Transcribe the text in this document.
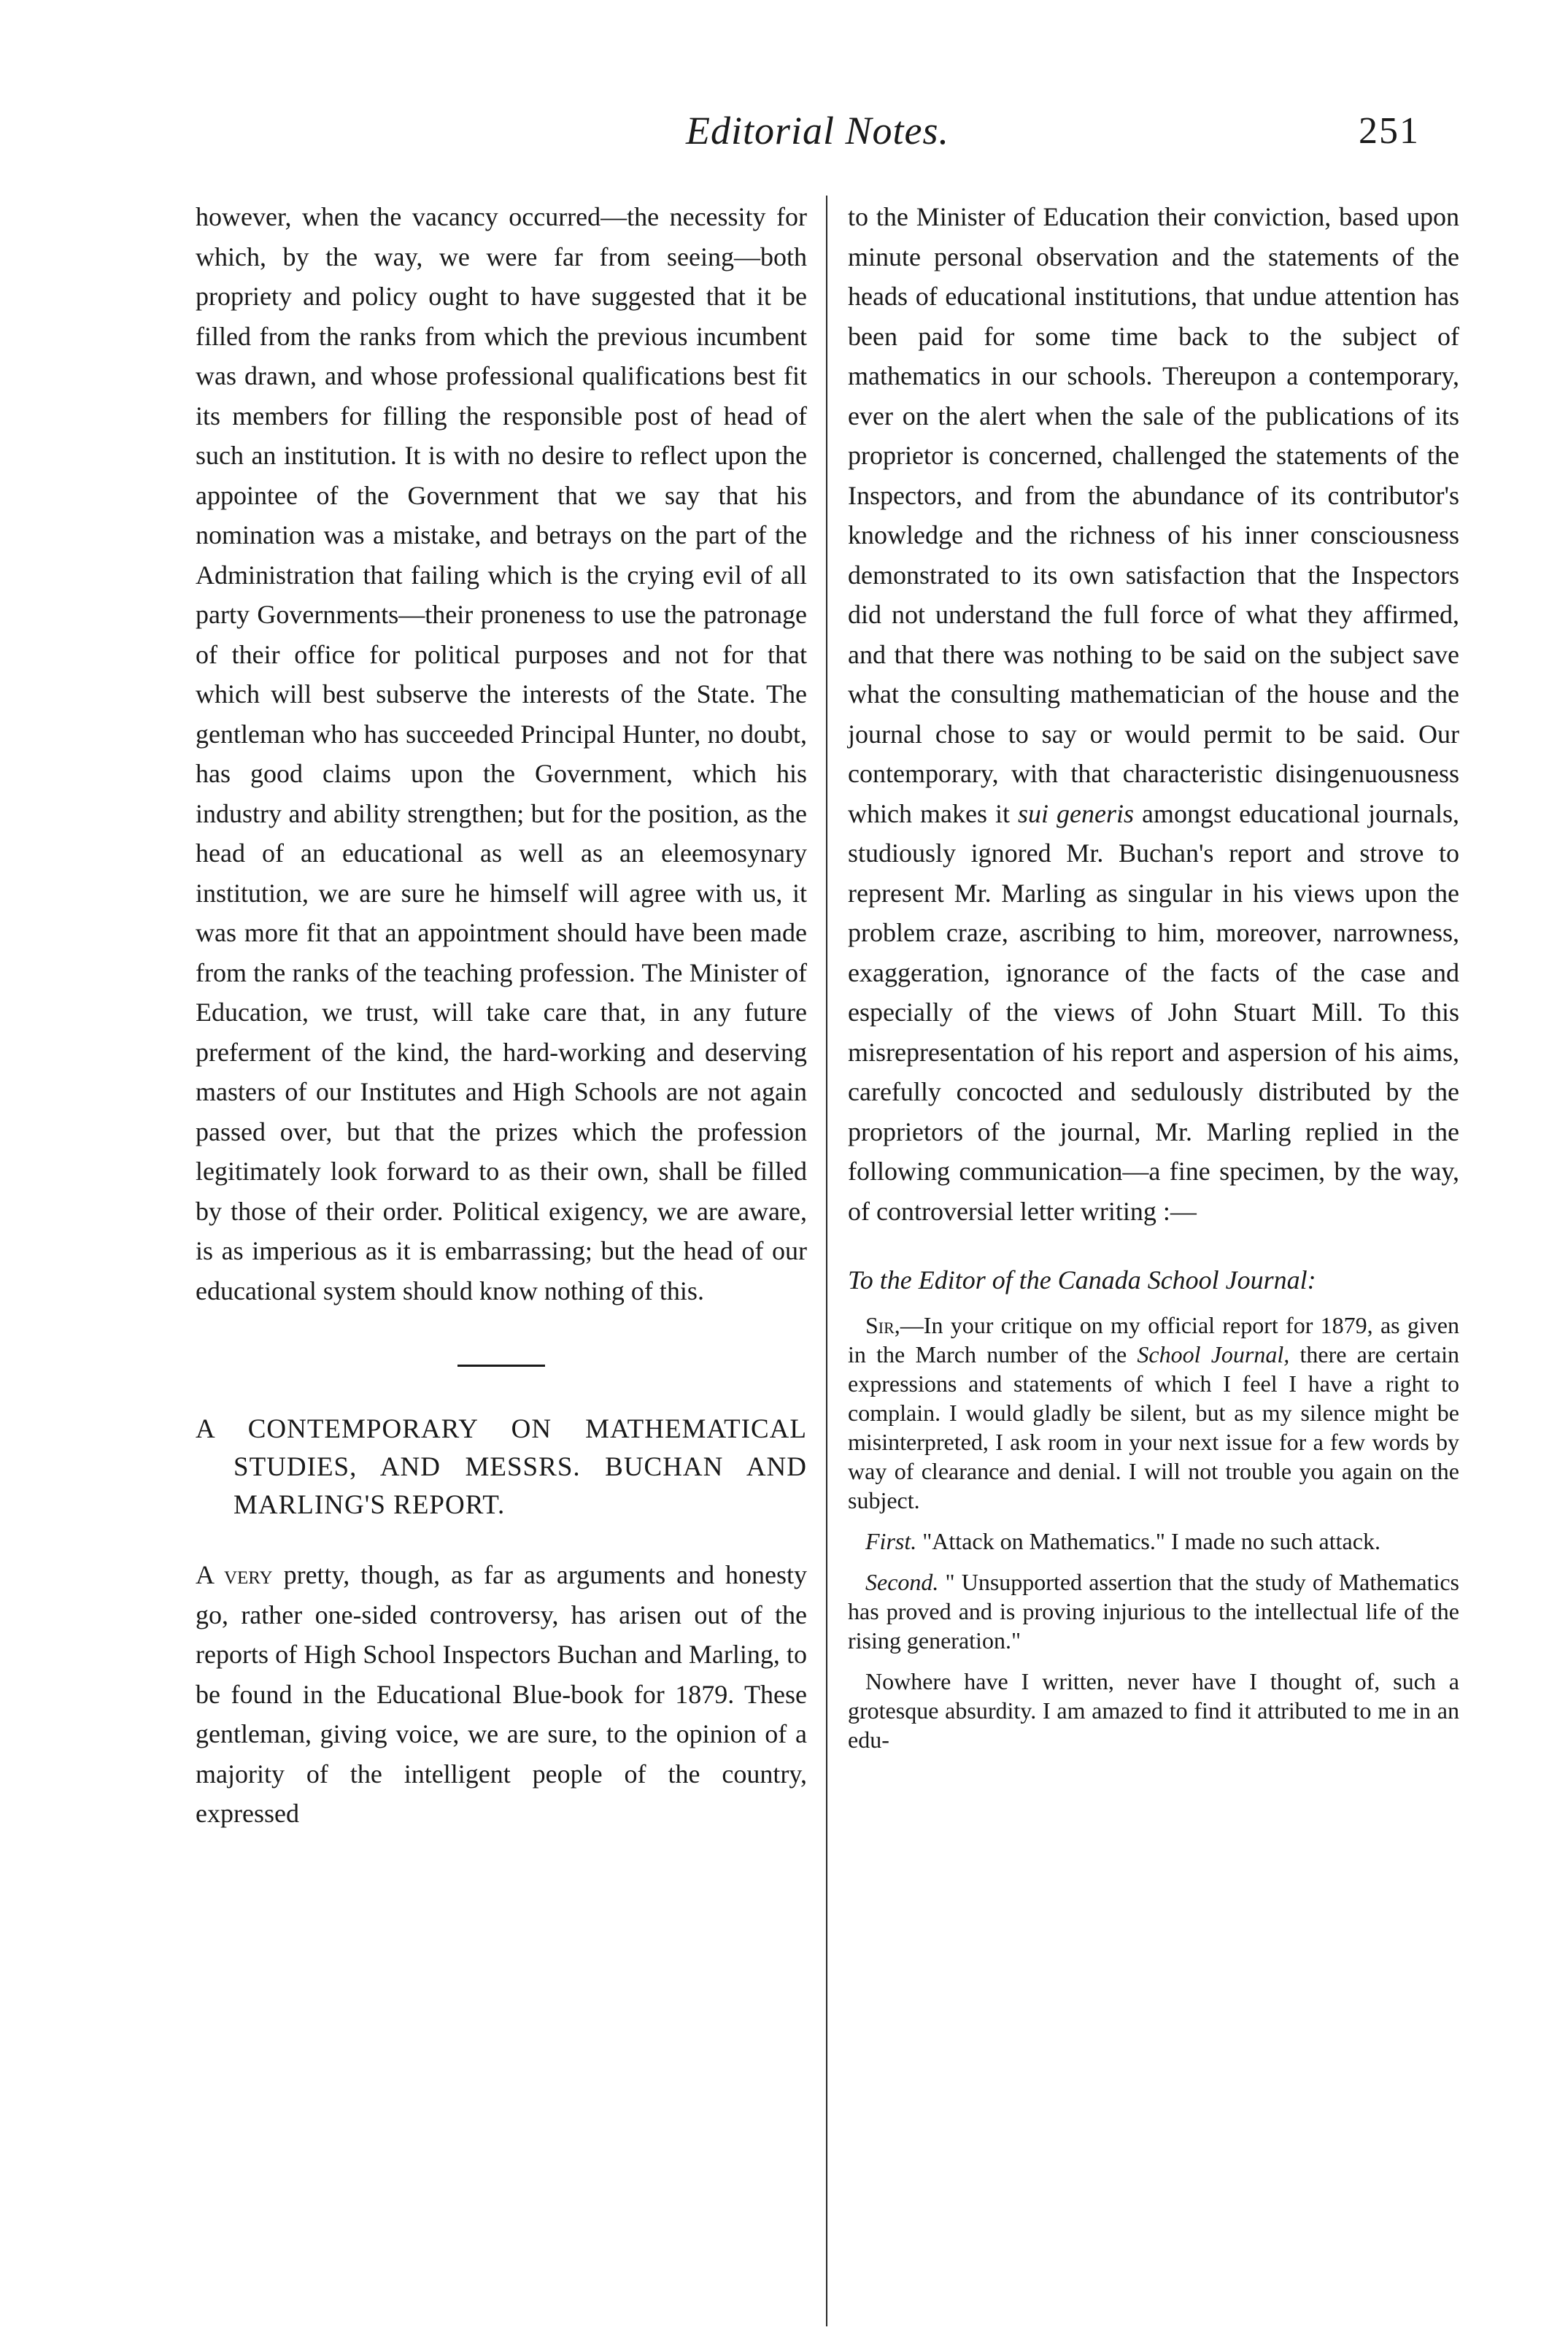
Editorial Notes.	251

however, when the vacancy occurred—the necessity for which, by the way, we were far from seeing—both propriety and policy ought to have suggested that it be filled from the ranks from which the previous incumbent was drawn, and whose professional qualifications best fit its members for filling the responsible post of head of such an institution. It is with no desire to reflect upon the appointee of the Government that we say that his nomination was a mistake, and betrays on the part of the Administration that failing which is the crying evil of all party Governments—their proneness to use the patronage of their office for political purposes and not for that which will best subserve the interests of the State. The gentleman who has succeeded Principal Hunter, no doubt, has good claims upon the Government, which his industry and ability strengthen; but for the position, as the head of an educational as well as an eleemosynary institution, we are sure he himself will agree with us, it was more fit that an appointment should have been made from the ranks of the teaching profession. The Minister of Education, we trust, will take care that, in any future preferment of the kind, the hard-working and deserving masters of our Institutes and High Schools are not again passed over, but that the prizes which the profession legitimately look forward to as their own, shall be filled by those of their order. Political exigency, we are aware, is as imperious as it is embarrassing; but the head of our educational system should know nothing of this.

A CONTEMPORARY ON MATHEMATICAL STUDIES, AND MESSRS. BUCHAN AND MARLING'S REPORT.

A very pretty, though, as far as arguments and honesty go, rather one-sided controversy, has arisen out of the reports of High School Inspectors Buchan and Marling, to be found in the Educational Blue-book for 1879. These gentleman, giving voice, we are sure, to the opinion of a majority of the intelligent people of the country, expressed

to the Minister of Education their conviction, based upon minute personal observation and the statements of the heads of educational institutions, that undue attention has been paid for some time back to the subject of mathematics in our schools. Thereupon a contemporary, ever on the alert when the sale of the publications of its proprietor is concerned, challenged the statements of the Inspectors, and from the abundance of its contributor's knowledge and the richness of his inner consciousness demonstrated to its own satisfaction that the Inspectors did not understand the full force of what they affirmed, and that there was nothing to be said on the subject save what the consulting mathematician of the house and the journal chose to say or would permit to be said. Our contemporary, with that characteristic disingenuousness which makes it sui generis amongst educational journals, studiously ignored Mr. Buchan's report and strove to represent Mr. Marling as singular in his views upon the problem craze, ascribing to him, moreover, narrowness, exaggeration, ignorance of the facts of the case and especially of the views of John Stuart Mill. To this misrepresentation of his report and aspersion of his aims, carefully concocted and sedulously distributed by the proprietors of the journal, Mr. Marling replied in the following communication—a fine specimen, by the way, of controversial letter writing :—

To the Editor of the Canada School Journal:

Sir,—In your critique on my official report for 1879, as given in the March number of the School Journal, there are certain expressions and statements of which I feel I have a right to complain. I would gladly be silent, but as my silence might be misinterpreted, I ask room in your next issue for a few words by way of clearance and denial. I will not trouble you again on the subject.

First. "Attack on Mathematics." I made no such attack.

Second. " Unsupported assertion that the study of Mathematics has proved and is proving injurious to the intellectual life of the rising generation."

Nowhere have I written, never have I thought of, such a grotesque absurdity. I am amazed to find it attributed to me in an edu-
